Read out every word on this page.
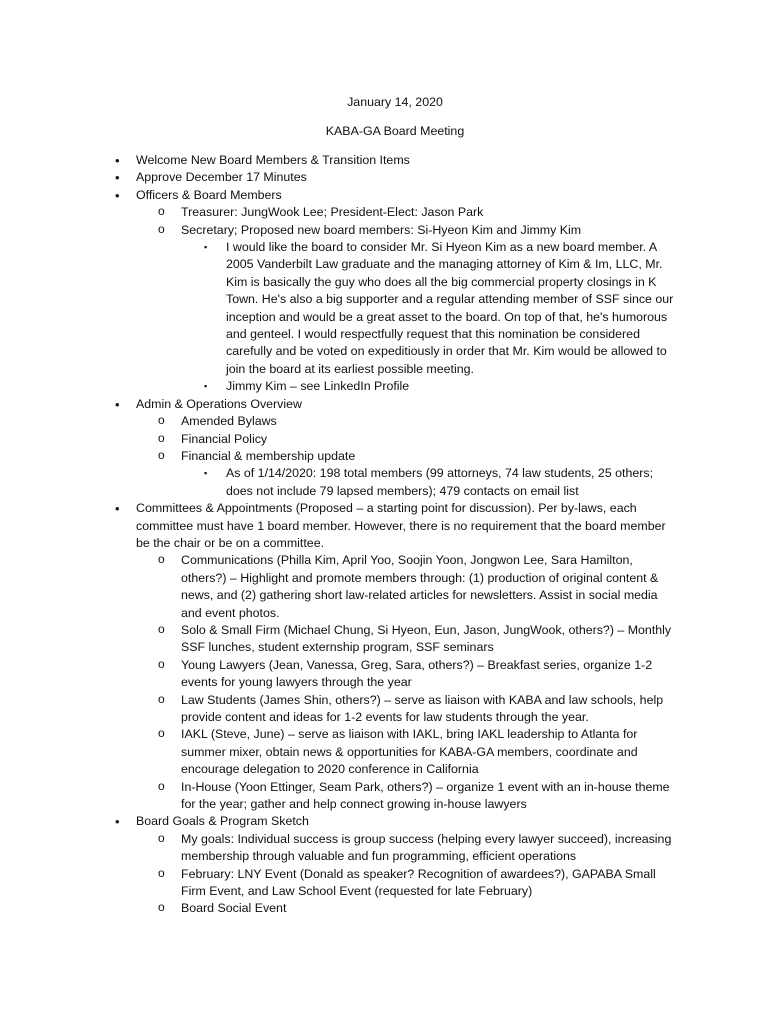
January 14, 2020
KABA-GA Board Meeting
• Welcome New Board Members & Transition Items
• Approve December 17 Minutes
• Officers & Board Members
o Treasurer: JungWook Lee; President-Elect: Jason Park
o Secretary; Proposed new board members: Si-Hyeon Kim and Jimmy Kim
▪ I would like the board to consider Mr. Si Hyeon Kim as a new board member. A 2005 Vanderbilt Law graduate and the managing attorney of Kim & Im, LLC, Mr. Kim is basically the guy who does all the big commercial property closings in K Town. He's also a big supporter and a regular attending member of SSF since our inception and would be a great asset to the board. On top of that, he's humorous and genteel. I would respectfully request that this nomination be considered carefully and be voted on expeditiously in order that Mr. Kim would be allowed to join the board at its earliest possible meeting.
▪ Jimmy Kim – see LinkedIn Profile
• Admin & Operations Overview
o Amended Bylaws
o Financial Policy
o Financial & membership update
▪ As of 1/14/2020: 198 total members (99 attorneys, 74 law students, 25 others; does not include 79 lapsed members); 479 contacts on email list
• Committees & Appointments (Proposed – a starting point for discussion). Per by-laws, each committee must have 1 board member. However, there is no requirement that the board member be the chair or be on a committee.
o Communications (Philla Kim, April Yoo, Soojin Yoon, Jongwon Lee, Sara Hamilton, others?) – Highlight and promote members through: (1) production of original content & news, and (2) gathering short law-related articles for newsletters. Assist in social media and event photos.
o Solo & Small Firm (Michael Chung, Si Hyeon, Eun, Jason, JungWook, others?) – Monthly SSF lunches, student externship program, SSF seminars
o Young Lawyers (Jean, Vanessa, Greg, Sara, others?) – Breakfast series, organize 1-2 events for young lawyers through the year
o Law Students (James Shin, others?) – serve as liaison with KABA and law schools, help provide content and ideas for 1-2 events for law students through the year.
o IAKL (Steve, June) – serve as liaison with IAKL, bring IAKL leadership to Atlanta for summer mixer, obtain news & opportunities for KABA-GA members, coordinate and encourage delegation to 2020 conference in California
o In-House (Yoon Ettinger, Seam Park, others?) – organize 1 event with an in-house theme for the year; gather and help connect growing in-house lawyers
• Board Goals & Program Sketch
o My goals: Individual success is group success (helping every lawyer succeed), increasing membership through valuable and fun programming, efficient operations
o February: LNY Event (Donald as speaker? Recognition of awardees?), GAPABA Small Firm Event, and Law School Event (requested for late February)
o Board Social Event
